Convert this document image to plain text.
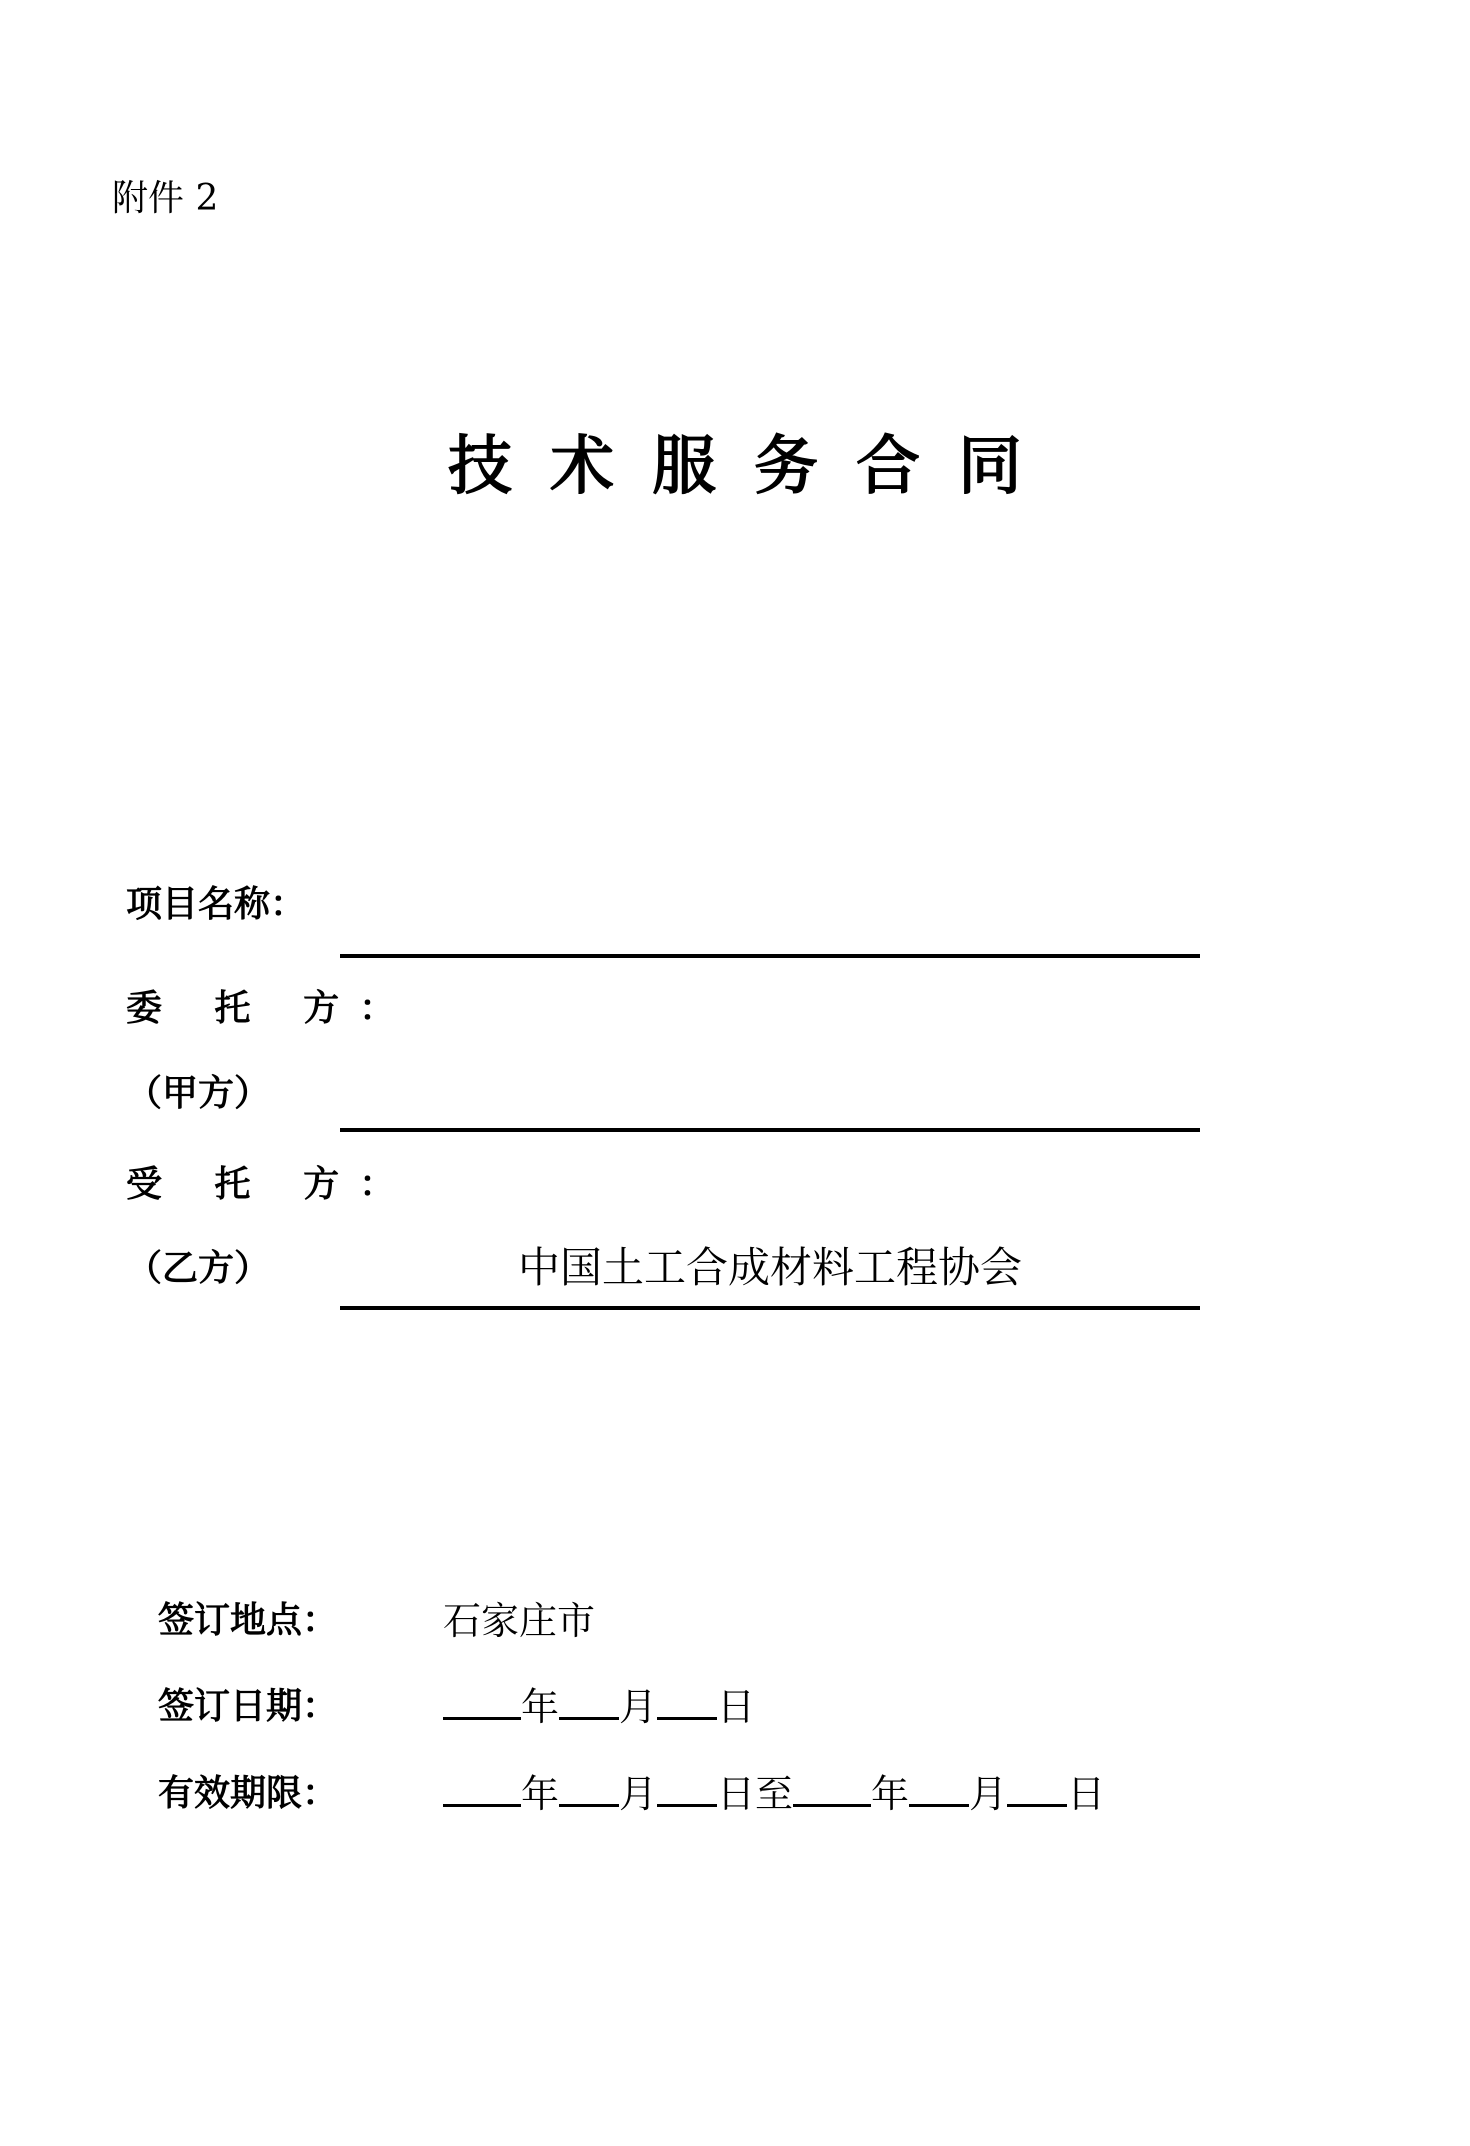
附件 2
技术服务合同
项目名称：
委 托 方：
（甲方）
受 托 方：
（乙方）	中国土工合成材料工程协会
签订地点：	石家庄市
签订日期：	年 月 日
有效期限：	年 月 日至 年 月 日
